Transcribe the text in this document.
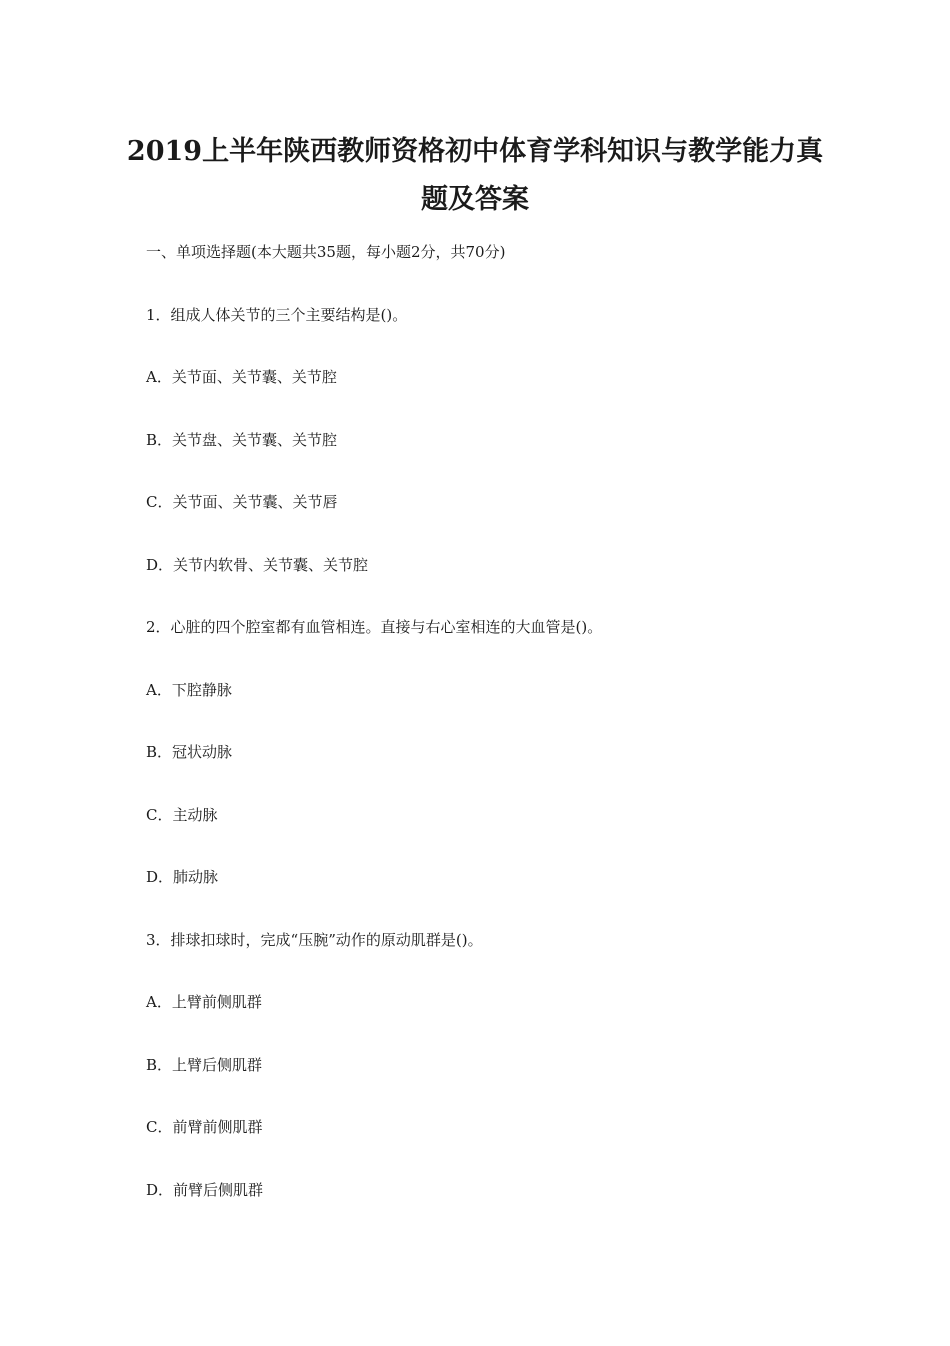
2019上半年陕西教师资格初中体育学科知识与教学能力真
题及答案
一、单项选择题(本大题共35题，每小题2分，共70分)
1．组成人体关节的三个主要结构是()。
A．关节面、关节囊、关节腔
B．关节盘、关节囊、关节腔
C．关节面、关节囊、关节唇
D．关节内软骨、关节囊、关节腔
2．心脏的四个腔室都有血管相连。直接与右心室相连的大血管是()。
A．下腔静脉
B．冠状动脉
C．主动脉
D．肺动脉
3．排球扣球时，完成“压腕”动作的原动肌群是()。
A．上臂前侧肌群
B．上臂后侧肌群
C．前臂前侧肌群
D．前臂后侧肌群
